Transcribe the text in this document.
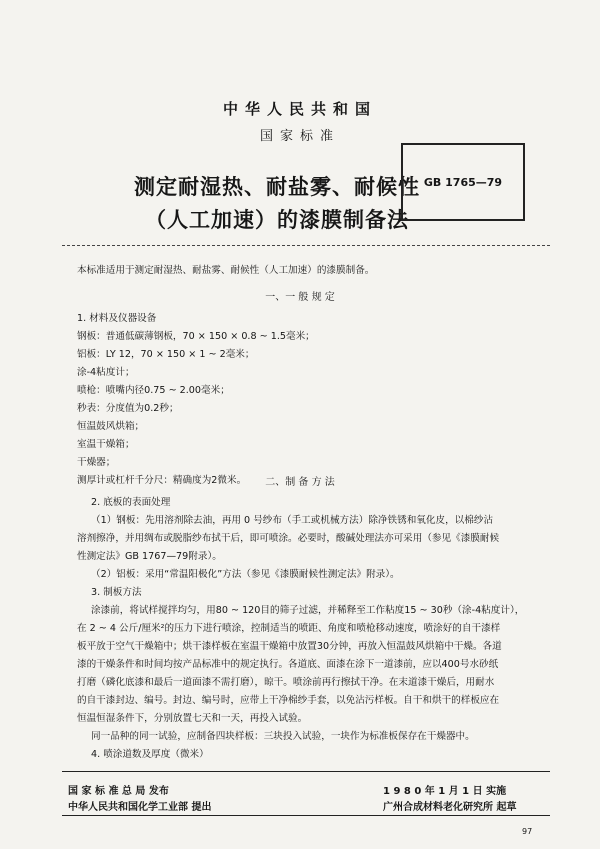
中华人民共和国
国家标准
测定耐湿热、耐盐雾、耐候性
（人工加速）的漆膜制备法
GB 1765—79
本标准适用于测定耐湿热、耐盐雾、耐候性（人工加速）的漆膜制备。
一、一 般 规 定
1. 材料及仪器设备
钢板：普通低碳薄钢板，70 × 150 × 0.8 ~ 1.5毫米；
铝板：LY 12，70 × 150 × 1 ~ 2毫米；
涂-4粘度计；
喷枪：喷嘴内径0.75 ~ 2.00毫米；
秒表：分度值为0.2秒；
恒温鼓风烘箱；
室温干燥箱；
干燥器；
测厚计或杠杆千分尺：精确度为2微米。	二、制 备 方 法
2. 底板的表面处理
（1）钢板：先用溶剂除去油，再用 0 号纱布（手工或机械方法）除净铁锈和氧化皮，以棉纱沾
溶剂擦净，并用绸布或脱脂纱布拭干后，即可喷涂。必要时，酸碱处理法亦可采用（参见《漆膜耐候
性测定法》GB 1767—79附录）。
（2）铝板：采用“常温阳极化”方法（参见《漆膜耐候性测定法》附录）。
3. 制板方法
涂漆前，将试样搅拌均匀，用80 ~ 120目的筛子过滤，并稀释至工作粘度15 ~ 30秒（涂-4粘度计），
在 2 ~ 4 公斤/厘米²的压力下进行喷涂，控制适当的喷距、角度和喷枪移动速度，喷涂好的自干漆样
板平放于空气干燥箱中；烘干漆样板在室温干燥箱中放置30分钟，再放入恒温鼓风烘箱中干燥。各道
漆的干燥条件和时间均按产品标准中的规定执行。各道底、面漆在涂下一道漆前，应以400号水砂纸
打磨（磷化底漆和最后一道面漆不需打磨），晾干。喷涂前再行擦拭干净。在末道漆干燥后，用耐水
的自干漆封边、编号。封边、编号时，应带上干净棉纱手套，以免沾污样板。自干和烘干的样板应在
恒温恒湿条件下，分别放置七天和一天，再投入试验。
同一品种的同一试验，应制备四块样板：三块投入试验，一块作为标准板保存在干燥器中。
4. 喷涂道数及厚度（微米）
国 家 标 准 总 局 发布
中华人民共和国化学工业部 提出
1 9 8 0 年 1 月 1 日 实施
广州合成材料老化研究所 起草
97
